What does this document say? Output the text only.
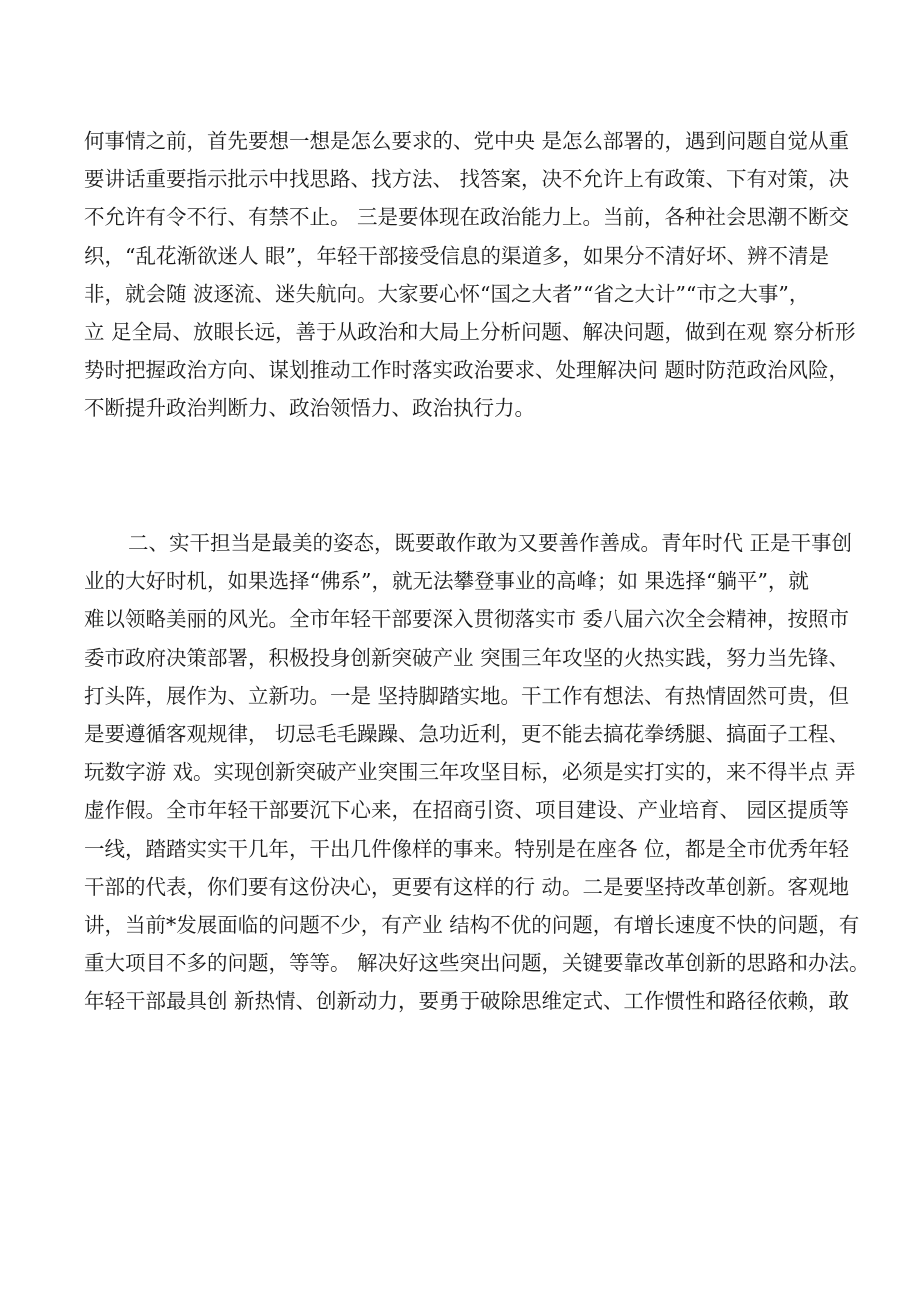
何事情之前，首先要想一想是怎么要求的、党中央 是怎么部署的，遇到问题自觉从重
要讲话重要指示批示中找思路、找方法、 找答案，决不允许上有政策、下有对策，决
不允许有令不行、有禁不止。 三是要体现在政治能力上。当前，各种社会思潮不断交
织，“乱花渐欲迷人 眼”，年轻干部接受信息的渠道多，如果分不清好坏、辨不清是
非，就会随 波逐流、迷失航向。大家要心怀“国之大者”“省之大计”“市之大事”，
立 足全局、放眼长远，善于从政治和大局上分析问题、解决问题，做到在观 察分析形
势时把握政治方向、谋划推动工作时落实政治要求、处理解决问 题时防范政治风险，
不断提升政治判断力、政治领悟力、政治执行力。
二、实干担当是最美的姿态，既要敢作敢为又要善作善成。青年时代 正是干事创
业的大好时机，如果选择“佛系”，就无法攀登事业的高峰；如 果选择“躺平”，就
难以领略美丽的风光。全市年轻干部要深入贯彻落实市 委八届六次全会精神，按照市
委市政府决策部署，积极投身创新突破产业 突围三年攻坚的火热实践，努力当先锋、
打头阵，展作为、立新功。一是 坚持脚踏实地。干工作有想法、有热情固然可贵，但
是要遵循客观规律， 切忌毛毛躁躁、急功近利，更不能去搞花拳绣腿、搞面子工程、
玩数字游 戏。实现创新突破产业突围三年攻坚目标，必须是实打实的，来不得半点 弄
虚作假。全市年轻干部要沉下心来，在招商引资、项目建设、产业培育、 园区提质等
一线，踏踏实实干几年，干出几件像样的事来。特别是在座各 位，都是全市优秀年轻
干部的代表，你们要有这份决心，更要有这样的行 动。二是要坚持改革创新。客观地
讲，当前*发展面临的问题不少，有产业 结构不优的问题，有增长速度不快的问题，有
重大项目不多的问题，等等。 解决好这些突出问题，关键要靠改革创新的思路和办法。
年轻干部最具创 新热情、创新动力，要勇于破除思维定式、工作惯性和路径依赖，敢
